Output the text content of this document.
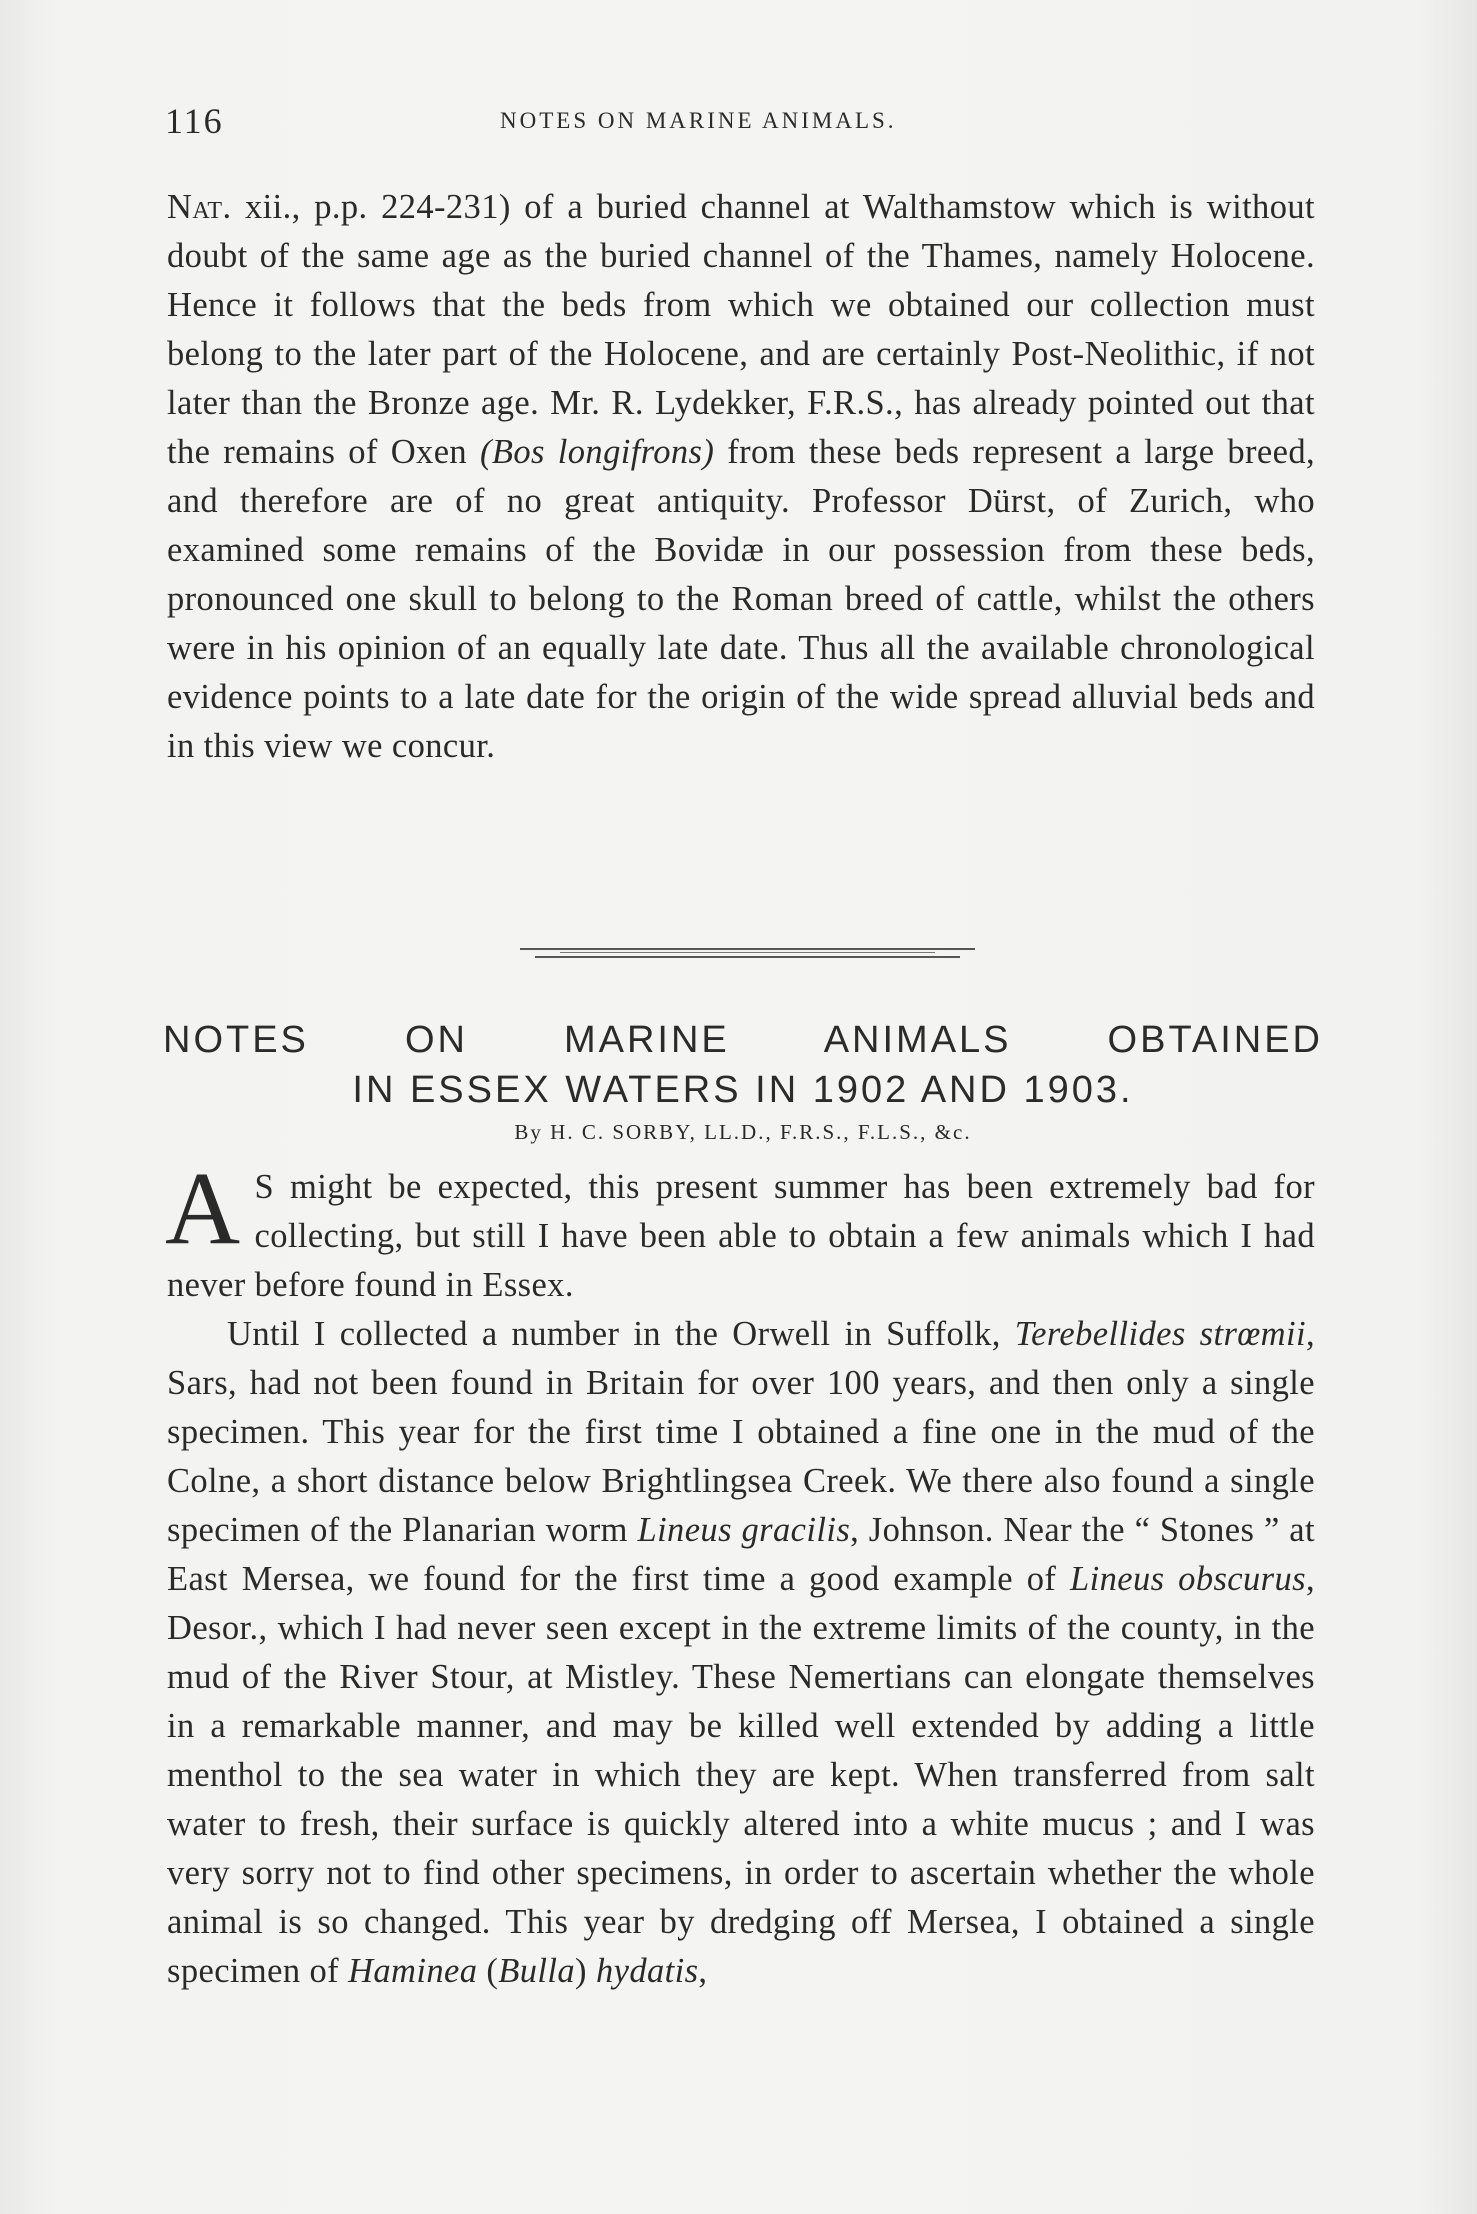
116	NOTES ON MARINE ANIMALS.

Nat. xii., p.p. 224-231) of a buried channel at Walthamstow which is without doubt of the same age as the buried channel of the Thames, namely Holocene. Hence it follows that the beds from which we obtained our collection must belong to the later part of the Holocene, and are certainly Post-Neolithic, if not later than the Bronze age. Mr. R. Lydekker, F.R.S., has already pointed out that the remains of Oxen (Bos longifrons) from these beds represent a large breed, and therefore are of no great antiquity. Professor Dürst, of Zurich, who examined some remains of the Bovidæ in our possession from these beds, pronounced one skull to belong to the Roman breed of cattle, whilst the others were in his opinion of an equally late date. Thus all the available chronological evidence points to a late date for the origin of the wide spread alluvial beds and in this view we concur.

NOTES ON MARINE ANIMALS OBTAINED
IN ESSEX WATERS IN 1902 AND 1903.
By H. C. SORBY, LL.D., F.R.S., F.L.S., &c.

A S might be expected, this present summer has been extremely bad for collecting, but still I have been able to obtain a few animals which I had never before found in Essex.

Until I collected a number in the Orwell in Suffolk, Terebellides strœmii, Sars, had not been found in Britain for over 100 years, and then only a single specimen. This year for the first time I obtained a fine one in the mud of the Colne, a short distance below Brightlingsea Creek. We there also found a single specimen of the Planarian worm Lineus gracilis, Johnson. Near the “ Stones ” at East Mersea, we found for the first time a good example of Lineus obscurus, Desor., which I had never seen except in the extreme limits of the county, in the mud of the River Stour, at Mistley. These Nemertians can elongate themselves in a remarkable manner, and may be killed well extended by adding a little menthol to the sea water in which they are kept. When transferred from salt water to fresh, their surface is quickly altered into a white mucus ; and I was very sorry not to find other specimens, in order to ascertain whether the whole animal is so changed. This year by dredging off Mersea, I obtained a single specimen of Haminea (Bulla) hydatis,
